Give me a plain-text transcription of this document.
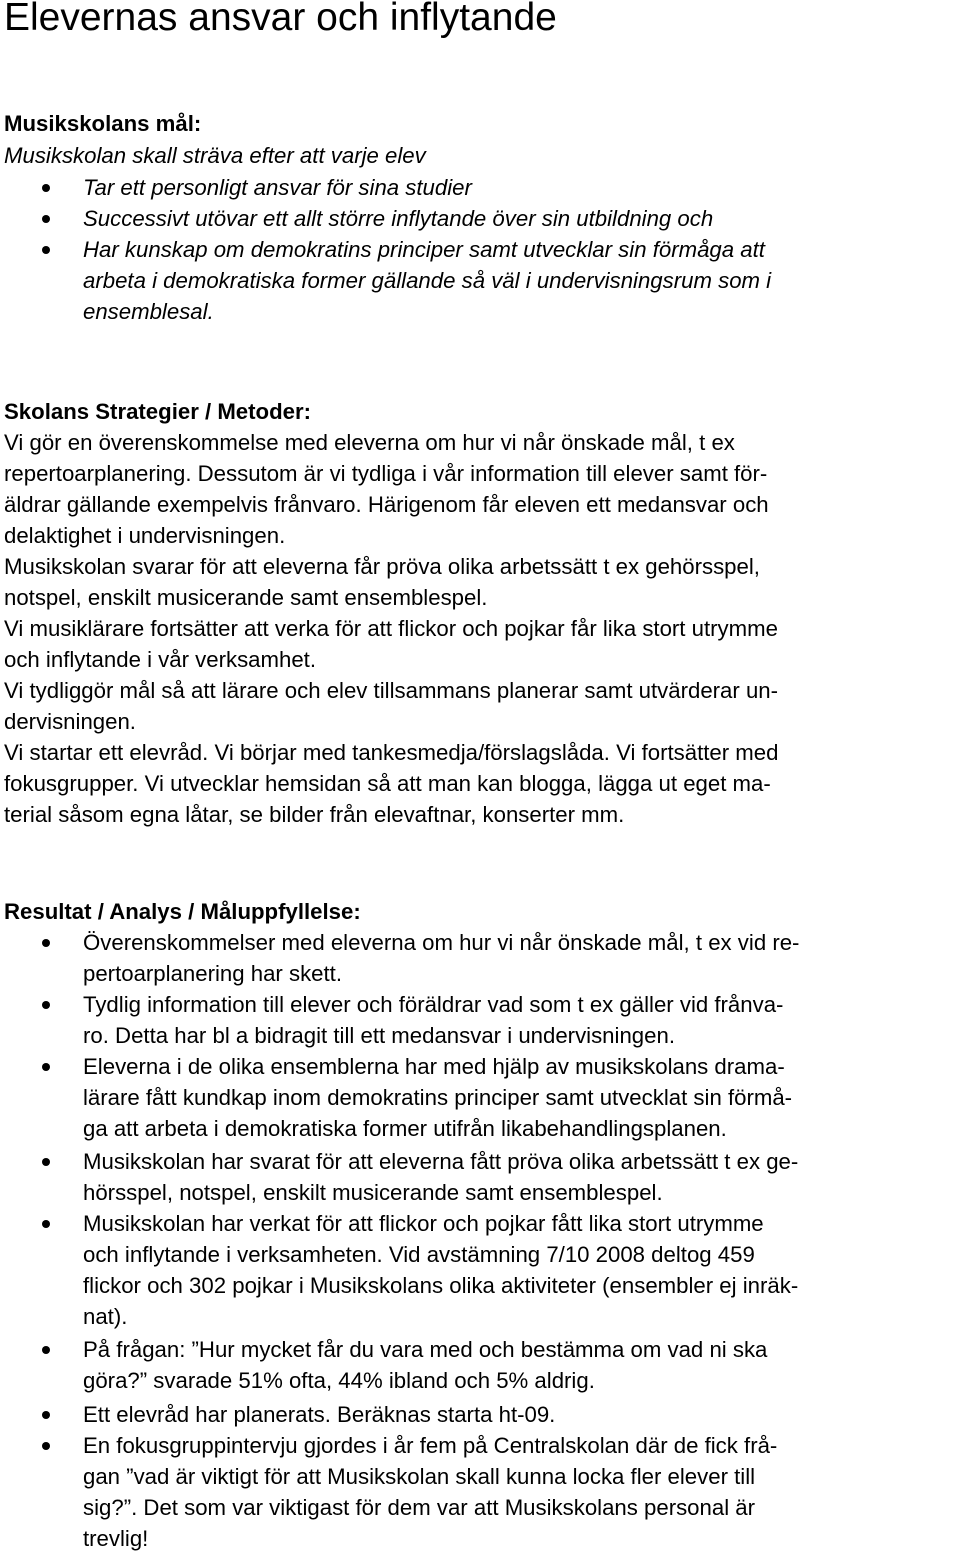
Elevernas ansvar och inflytande
Musikskolans mål:
Musikskolan skall sträva efter att varje elev
Tar ett personligt ansvar för sina studier
Successivt utövar ett allt större inflytande över sin utbildning och
Har kunskap om demokratins principer samt utvecklar sin förmåga att
arbeta i demokratiska former gällande så väl i undervisningsrum som i
ensemblesal.
Skolans Strategier / Metoder:
Vi gör en överenskommelse med eleverna om hur vi når önskade mål, t ex
repertoarplanering. Dessutom är vi tydliga i vår information till elever samt för-
äldrar gällande exempelvis frånvaro. Härigenom får eleven ett medansvar och
delaktighet i undervisningen.
Musikskolan svarar för att eleverna får pröva olika arbetssätt t ex gehörsspel,
notspel, enskilt musicerande samt ensemblespel.
Vi musiklärare fortsätter att verka för att flickor och pojkar får lika stort utrymme
och inflytande i vår verksamhet.
Vi tydliggör mål så att lärare och elev tillsammans planerar samt utvärderar un-
dervisningen.
Vi startar ett elevråd. Vi börjar med tankesmedja/förslagslåda. Vi fortsätter med
fokusgrupper. Vi utvecklar hemsidan så att man kan blogga, lägga ut eget ma-
terial såsom egna låtar, se bilder från elevaftnar, konserter mm.
Resultat / Analys / Måluppfyllelse:
Överenskommelser med eleverna om hur vi når önskade mål, t ex vid re-
pertoarplanering har skett.
Tydlig information till elever och föräldrar vad som t ex gäller vid frånva-
ro. Detta har bl a bidragit till ett medansvar i undervisningen.
Eleverna i de olika ensemblerna har med hjälp av musikskolans drama-
lärare fått kundkap inom demokratins principer samt utvecklat sin förmå-
ga att arbeta i demokratiska former utifrån likabehandlingsplanen.
Musikskolan har svarat för att eleverna fått pröva olika arbetssätt t ex ge-
hörsspel, notspel, enskilt musicerande samt ensemblespel.
Musikskolan har verkat för att flickor och pojkar fått lika stort utrymme
och inflytande i verksamheten. Vid avstämning 7/10 2008 deltog 459
flickor och 302 pojkar i Musikskolans olika aktiviteter (ensembler ej inräk-
nat).
På frågan: ”Hur mycket får du vara med och bestämma om vad ni ska
göra?” svarade 51% ofta, 44% ibland och 5% aldrig.
Ett elevråd har planerats. Beräknas starta ht-09.
En fokusgruppintervju gjordes i år fem på Centralskolan där de fick frå-
gan ”vad är viktigt för att Musikskolan skall kunna locka fler elever till
sig?”. Det som var viktigast för dem var att Musikskolans personal är
trevlig!
